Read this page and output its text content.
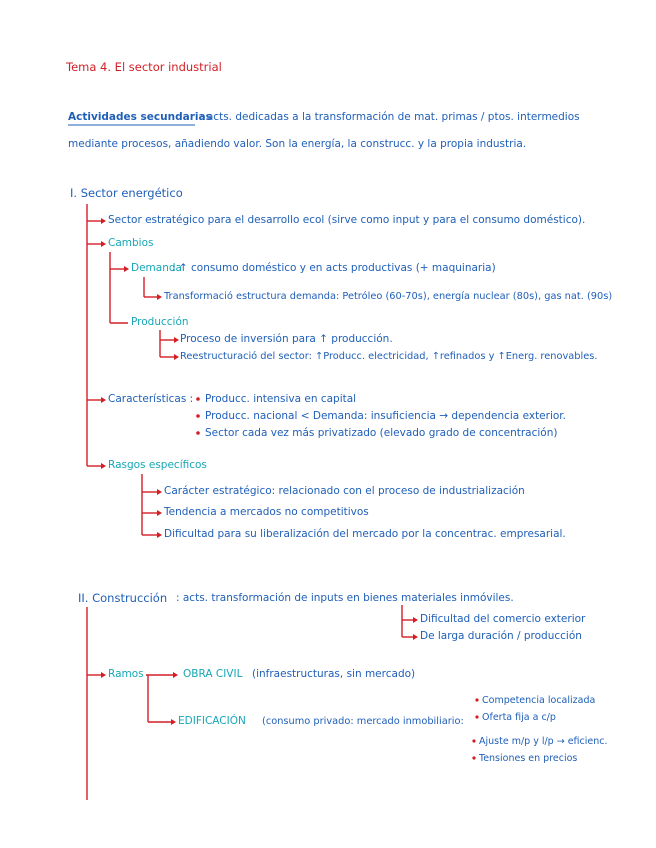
Tema 4. El sector industrial
Actividades secundarias
: acts. dedicadas a la transformación de mat. primas / ptos. intermedios
mediante procesos, añadiendo valor. Son la energía, la construcc. y la propia industria.
I. Sector energético
Sector estratégico para el desarrollo ecol (sirve como input y para el consumo doméstico).
Cambios
Demanda
: ↑ consumo doméstico y en acts productivas (+ maquinaria)
Transformació estructura demanda: Petróleo (60-70s), energía nuclear (80s), gas nat. (90s)
Producción
Proceso de inversión para ↑ producción.
Reestructuració del sector: ↑Producc. electricidad, ↑refinados y ↑Energ. renovables.
Características : Producc. intensiva en capital
Producc. nacional < Demanda: insuficiencia → dependencia exterior.
Sector cada vez más privatizado (elevado grado de concentración)
Rasgos específicos
Carácter estratégico: relacionado con el proceso de industrialización
Tendencia a mercados no competitivos
Dificultad para su liberalización del mercado por la concentrac. empresarial.
II. Construcción : acts. transformación de inputs en bienes materiales inmóviles.
Dificultad del comercio exterior
De larga duración / producción
Ramos	OBRA CIVIL (infraestructuras, sin mercado)
EDIFICACIÓN (consumo privado: mercado inmobiliario:
Competencia localizada
Oferta fija a c/p
Ajuste m/p y l/p → eficienc.
Tensiones en precios
